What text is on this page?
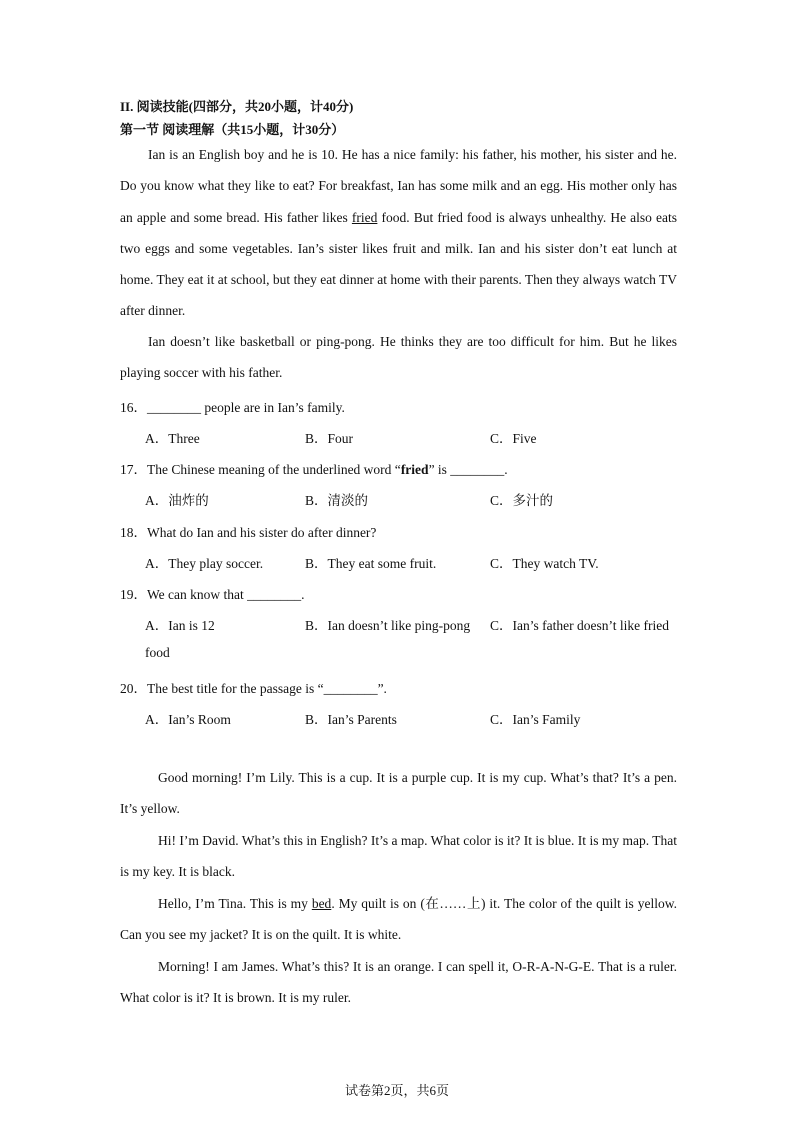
II. 阅读技能(四部分，共20小题，计40分)
第一节 阅读理解（共15小题，计30分）

Ian is an English boy and he is 10. He has a nice family: his father, his mother, his sister and he. Do you know what they like to eat? For breakfast, Ian has some milk and an egg. His mother only has an apple and some bread. His father likes fried food. But fried food is always unhealthy. He also eats two eggs and some vegetables. Ian’s sister likes fruit and milk. Ian and his sister don’t eat lunch at home. They eat it at school, but they eat dinner at home with their parents. Then they always watch TV after dinner.

Ian doesn’t like basketball or ping-pong. He thinks they are too difficult for him. But he likes playing soccer with his father.

16．________ people are in Ian’s family.
A．Three	B．Four	C．Five
17．The Chinese meaning of the underlined word “fried” is ________.
A．油炸的	B．清淡的	C．多汁的
18．What do Ian and his sister do after dinner?
A．They play soccer.	B．They eat some fruit.	C．They watch TV.
19．We can know that ________.
A．Ian is 12	B．Ian doesn’t like ping-pong C．Ian’s father doesn’t like fried
food
20．The best title for the passage is “________”.
A．Ian’s Room	B．Ian’s Parents	C．Ian’s Family

Good morning! I’m Lily. This is a cup. It is a purple cup. It is my cup. What’s that? It’s a pen. It’s yellow.

Hi! I’m David. What’s this in English? It’s a map. What color is it? It is blue. It is my map. That is my key. It is black.

Hello, I’m Tina. This is my bed. My quilt is on (在……上) it. The color of the quilt is yellow. Can you see my jacket? It is on the quilt. It is white.

Morning! I am James. What’s this? It is an orange. I can spell it, O-R-A-N-G-E. That is a ruler. What color is it? It is brown. It is my ruler.

试卷第2页，共6页
